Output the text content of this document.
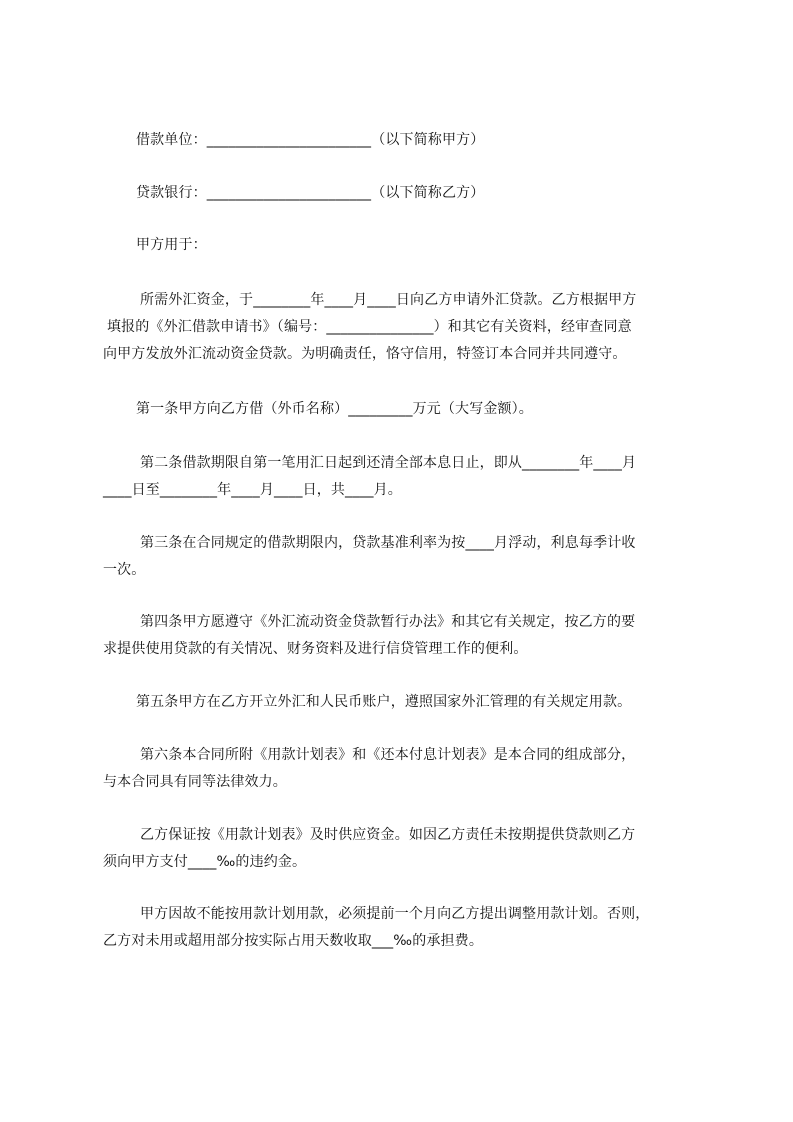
借款单位：_______________________（以下简称甲方）

贷款银行：_______________________（以下简称乙方）

甲方用于：

所需外汇资金，于________年____月____日向乙方申请外汇贷款。乙方根据甲方

填报的《外汇借款申请书》（编号：_______________）和其它有关资料，经审查同意

向甲方发放外汇流动资金贷款。为明确责任，恪守信用，特签订本合同并共同遵守。

第一条甲方向乙方借（外币名称）_________万元（大写金额）。

第二条借款期限自第一笔用汇日起到还清全部本息日止，即从________年____月

____日至________年____月____日，共____月。

第三条在合同规定的借款期限内，贷款基准利率为按____月浮动，利息每季计收

一次。

第四条甲方愿遵守《外汇流动资金贷款暂行办法》和其它有关规定，按乙方的要

求提供使用贷款的有关情况、财务资料及进行信贷管理工作的便利。

第五条甲方在乙方开立外汇和人民币账户，遵照国家外汇管理的有关规定用款。

第六条本合同所附《用款计划表》和《还本付息计划表》是本合同的组成部分，

与本合同具有同等法律效力。

乙方保证按《用款计划表》及时供应资金。如因乙方责任未按期提供贷款则乙方

须向甲方支付____‰的违约金。

甲方因故不能按用款计划用款，必须提前一个月向乙方提出调整用款计划。否则，

乙方对未用或超用部分按实际占用天数收取___‰的承担费。
